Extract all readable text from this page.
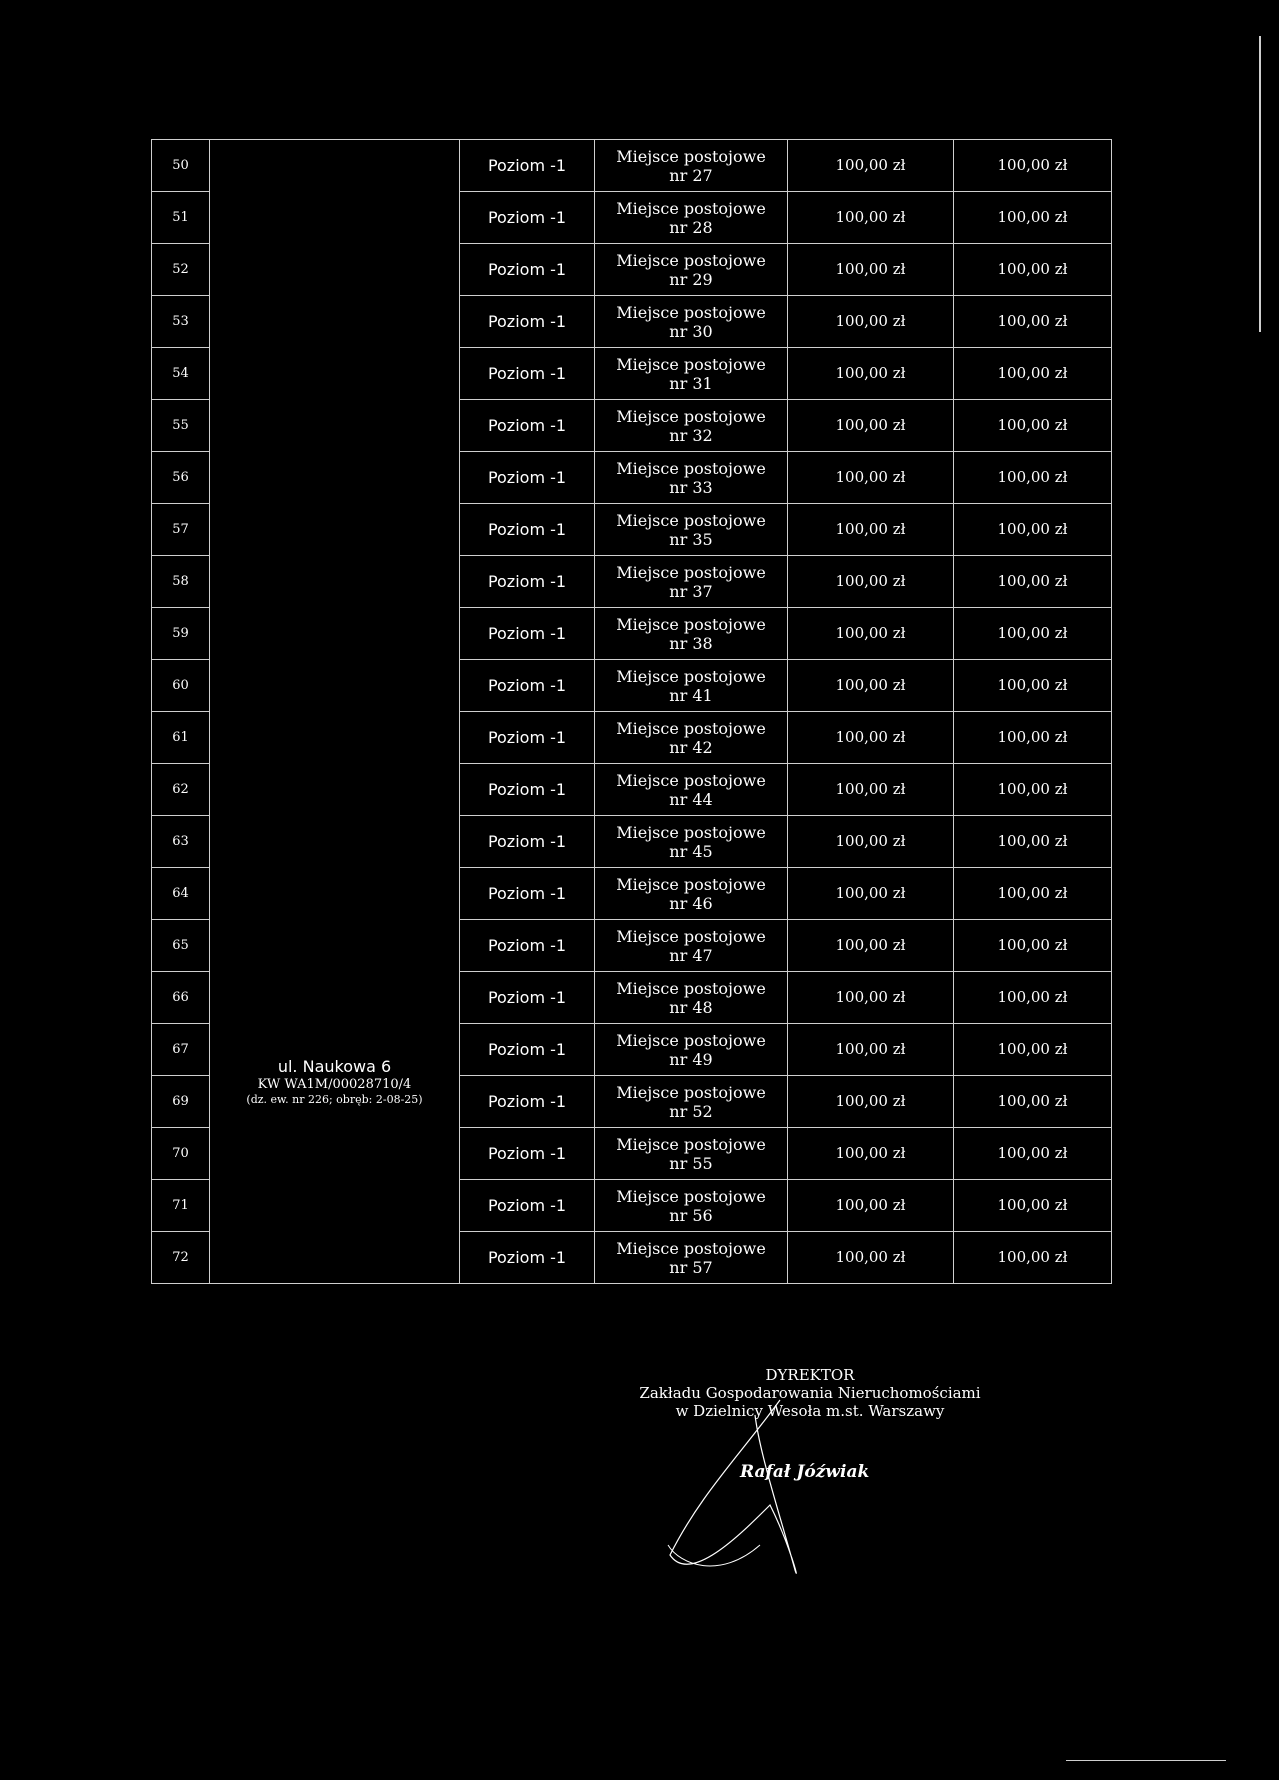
50	ul. Naukowa 6
KW WA1M/00028710/4
(dz. ew. nr 226; obręb: 2-08-25)	Poziom -1	Miejsce postojowe
nr 27	100,00 zł	100,00 zł
51		Poziom -1	Miejsce postojowe
nr 28	100,00 zł	100,00 zł
52		Poziom -1	Miejsce postojowe
nr 29	100,00 zł	100,00 zł
53		Poziom -1	Miejsce postojowe
nr 30	100,00 zł	100,00 zł
54		Poziom -1	Miejsce postojowe
nr 31	100,00 zł	100,00 zł
55		Poziom -1	Miejsce postojowe
nr 32	100,00 zł	100,00 zł
56		Poziom -1	Miejsce postojowe
nr 33	100,00 zł	100,00 zł
57		Poziom -1	Miejsce postojowe
nr 35	100,00 zł	100,00 zł
58		Poziom -1	Miejsce postojowe
nr 37	100,00 zł	100,00 zł
59		Poziom -1	Miejsce postojowe
nr 38	100,00 zł	100,00 zł
60		Poziom -1	Miejsce postojowe
nr 41	100,00 zł	100,00 zł
61		Poziom -1	Miejsce postojowe
nr 42	100,00 zł	100,00 zł
62		Poziom -1	Miejsce postojowe
nr 44	100,00 zł	100,00 zł
63		Poziom -1	Miejsce postojowe
nr 45	100,00 zł	100,00 zł
64		Poziom -1	Miejsce postojowe
nr 46	100,00 zł	100,00 zł
65		Poziom -1	Miejsce postojowe
nr 47	100,00 zł	100,00 zł
66		Poziom -1	Miejsce postojowe
nr 48	100,00 zł	100,00 zł
67		Poziom -1	Miejsce postojowe
nr 49	100,00 zł	100,00 zł
69		Poziom -1	Miejsce postojowe
nr 52	100,00 zł	100,00 zł
70		Poziom -1	Miejsce postojowe
nr 55	100,00 zł	100,00 zł
71		Poziom -1	Miejsce postojowe
nr 56	100,00 zł	100,00 zł
72		Poziom -1	Miejsce postojowe
nr 57	100,00 zł	100,00 zł
DYREKTOR
Zakładu Gospodarowania Nieruchomościami
w Dzielnicy Wesoła m.st. Warszawy
Rafał Jóźwiak
